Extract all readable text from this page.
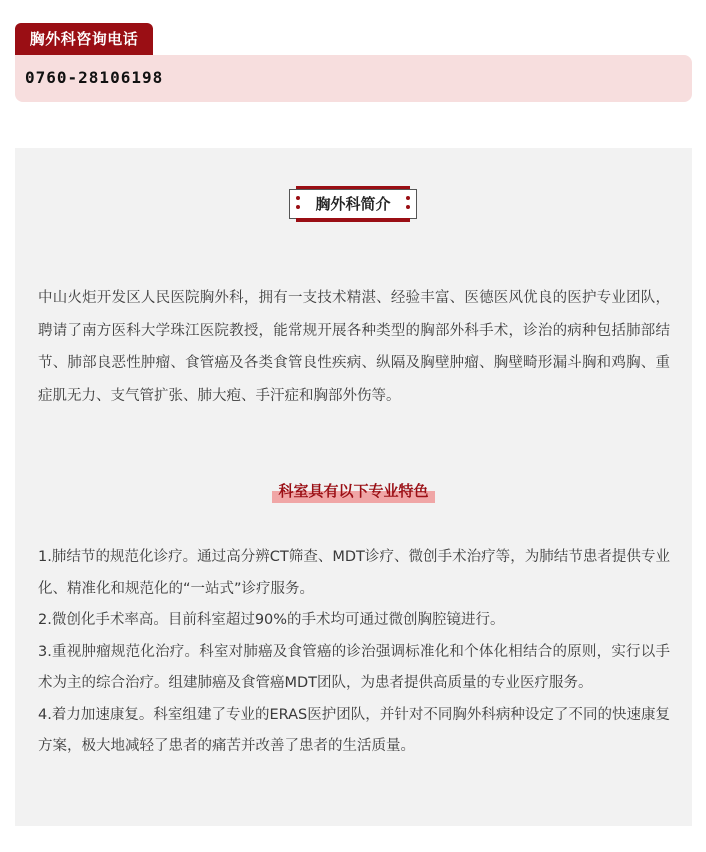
胸外科咨询电话
0760-28106198
胸外科简介

中山火炬开发区人民医院胸外科，拥有一支技术精湛、经验丰富、医德医风优良的医护专业团队，聘请了南方医科大学珠江医院教授，能常规开展各种类型的胸部外科手术，诊治的病种包括肺部结节、肺部良恶性肿瘤、食管癌及各类食管良性疾病、纵隔及胸壁肿瘤、胸壁畸形漏斗胸和鸡胸、重症肌无力、支气管扩张、肺大疱、手汗症和胸部外伤等。

科室具有以下专业特色
1.肺结节的规范化诊疗。通过高分辨CT筛查、MDT诊疗、微创手术治疗等，为肺结节患者提供专业化、精准化和规范化的“一站式”诊疗服务。
2.微创化手术率高。目前科室超过90%的手术均可通过微创胸腔镜进行。
3.重视肿瘤规范化治疗。科室对肺癌及食管癌的诊治强调标准化和个体化相结合的原则，实行以手术为主的综合治疗。组建肺癌及食管癌MDT团队，为患者提供高质量的专业医疗服务。
4.着力加速康复。科室组建了专业的ERAS医护团队，并针对不同胸外科病种设定了不同的快速康复方案，极大地减轻了患者的痛苦并改善了患者的生活质量。
